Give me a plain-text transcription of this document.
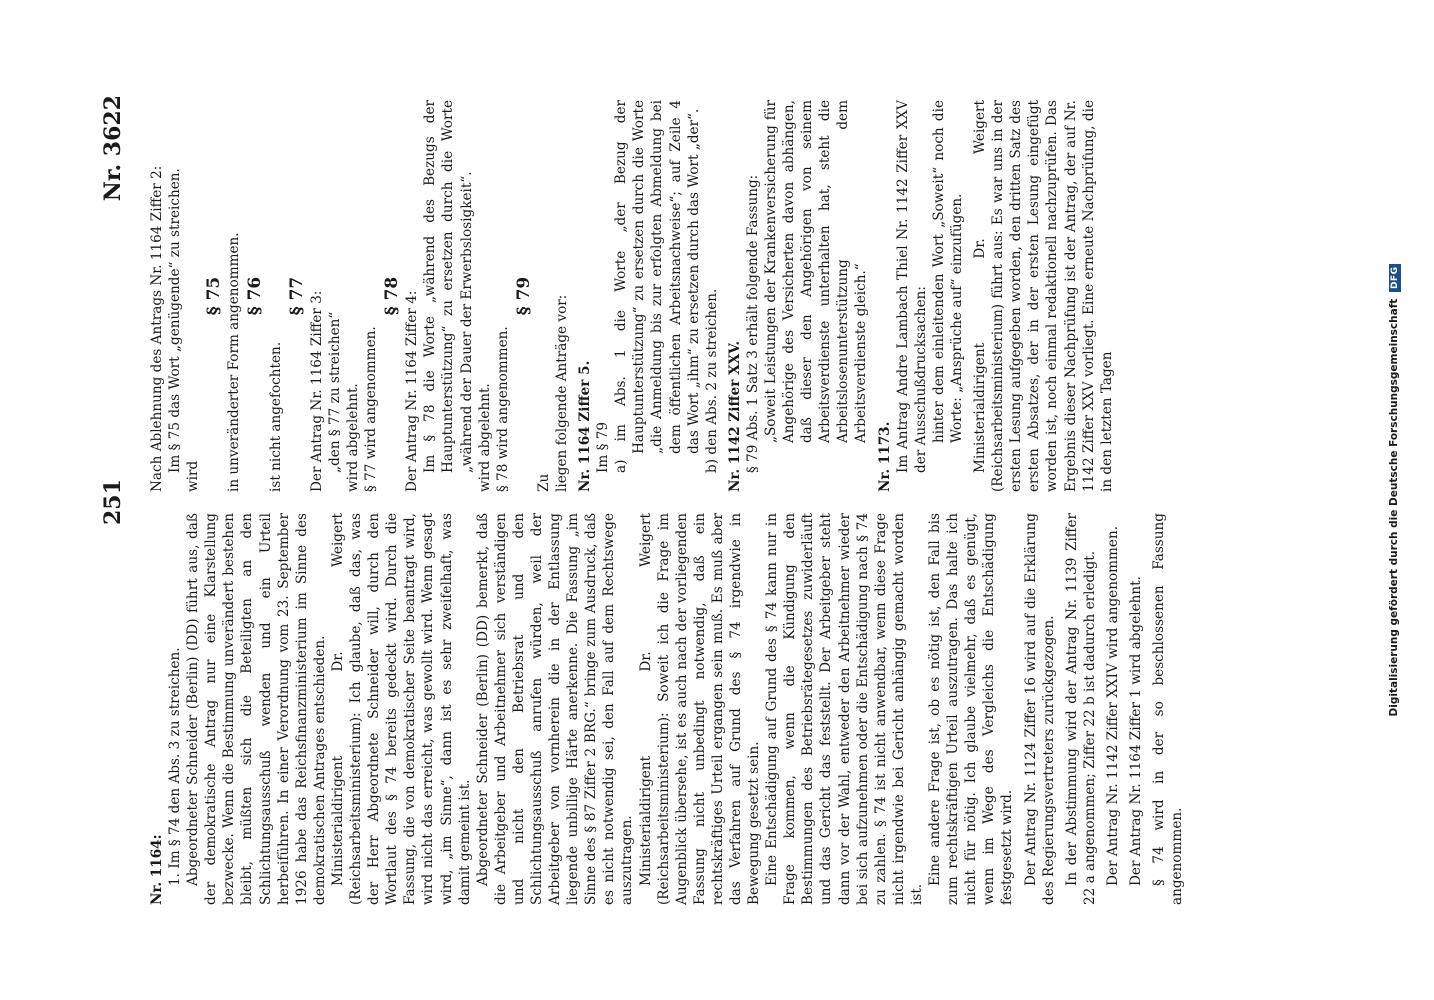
251
Nr. 3622

Nr. 1164: 1. Im § 74 den Abs. 3 zu streichen. Abgeordneter Schneider (Berlin) (DD) führt aus, daß der demokratische Antrag nur eine Klarstellung bezwecke. Wenn die Bestimmung unverändert bestehen bleibt, müßten sich die Beteiligten an den Schlichtungsausschuß wenden und ein Urteil herbeiführen. In einer Verordnung vom 23. September 1926 habe das Reichsfinanzministerium im Sinne des demokratischen Antrages entschieden. Ministerialdirigent Dr. Weigert (Reichsarbeitsministerium): Ich glaube, daß das, was der Herr Abgeordnete Schneider will, durch den Wortlaut des § 74 bereits gedeckt wird. Durch die Fassung, die von demokratischer Seite beantragt wird, wird nicht das erreicht, was gewollt wird. Wenn gesagt wird, „im Sinne“, dann ist es sehr zweifelhaft, was damit gemeint ist. Abgeordneter Schneider (Berlin) (DD) bemerkt, daß die Arbeitgeber und Arbeitnehmer sich verständigen und nicht den Betriebsrat und den Schlichtungsausschuß anrufen würden, weil der Arbeitgeber von vornherein die in der Entlassung liegende unbillige Härte anerkenne. Die Fassung „im Sinne des § 87 Ziffer 2 BRG.“ bringe zum Ausdruck, daß es nicht notwendig sei, den Fall auf dem Rechtswege auszutragen. Ministerialdirigent Dr. Weigert (Reichsarbeitsministerium): Soweit ich die Frage im Augenblick übersehe, ist es auch nach der vorliegenden Fassung nicht unbedingt notwendig, daß ein rechtskräftiges Urteil ergangen sein muß. Es muß aber das Verfahren auf Grund des § 74 irgendwie in Bewegung gesetzt sein. Eine Entschädigung auf Grund des § 74 kann nur in Frage kommen, wenn die Kündigung den Bestimmungen des Betriebsrätegesetzes zuwiderläuft und das Gericht das feststellt. Der Arbeitgeber steht dann vor der Wahl, entweder den Arbeitnehmer wieder bei sich aufzunehmen oder die Entschädigung nach § 74 zu zahlen. § 74 ist nicht anwendbar, wenn diese Frage nicht irgendwie bei Gericht anhängig gemacht worden ist.

Eine andere Frage ist, ob es nötig ist, den Fall bis zum rechtskräftigen Urteil auszutragen. Das halte ich nicht für nötig. Ich glaube vielmehr, daß es genügt, wenn im Wege des Vergleichs die Entschädigung festgesetzt wird. Der Antrag Nr. 1124 Ziffer 16 wird auf die Erklärung des Regierungsvertreters zurückgezogen. In der Abstimmung wird der Antrag Nr. 1139 Ziffer 22 a angenommen; Ziffer 22 b ist dadurch erledigt. Der Antrag Nr. 1142 Ziffer XXIV wird angenommen. Der Antrag Nr. 1164 Ziffer 1 wird abgelehnt. § 74 wird in der so beschlossenen Fassung angenommen.

Nach Ablehnung des Antrags Nr. 1164 Ziffer 2: Im § 75 das Wort „genügende“ zu streichen.

wird

§ 75 in unveränderter Form angenommen. § 76

ist nicht angefochten.

§ 77 Der Antrag Nr. 1164 Ziffer 3: „den § 77 zu streichen“ wird abgelehnt. § 77 wird angenommen.

§ 78 Der Antrag Nr. 1164 Ziffer 4: Im § 78 die Worte „während des Bezugs der Hauptunterstützung“ zu ersetzen durch die Worte „während der Dauer der Erwerbslosigkeit“. wird abgelehnt. § 78 wird angenommen.

§ 79

Zu liegen folgende Anträge vor: Nr. 1164 Ziffer 5. Im § 79 a) im Abs. 1 die Worte „der Bezug der Hauptunterstützung“ zu ersetzen durch die Worte „die Anmeldung bis zur erfolgten Abmeldung bei dem öffentlichen Arbeitsnachweise“; auf Zeile 4 das Wort „ihm“ zu ersetzen durch das Wort „der“. b) den Abs. 2 zu streichen. Nr. 1142 Ziffer XXV. § 79 Abs. 1 Satz 3 erhält folgende Fassung: „Soweit Leistungen der Krankenversicherung für Angehörige des Versicherten davon abhängen, daß dieser den Angehörigen von seinem Arbeitsverdienste unterhalten hat, steht die Arbeitslosenunterstützung dem Arbeitsverdienste gleich.“

Nr. 1173. Im Antrag Andre Lambach Thiel Nr. 1142 Ziffer XXV der Ausschußdrucksachen: hinter dem einleitenden Wort „Soweit“ noch die Worte: „Ansprüche auf“ einzufügen. Ministerialdirigent Dr. Weigert (Reichsarbeitsministerium) führt aus: Es war uns in der ersten Lesung aufgegeben worden, den dritten Satz des ersten Absatzes, der in der ersten Lesung eingefügt worden ist, noch einmal redaktionell nachzuprüfen. Das Ergebnis dieser Nachprüfung ist der Antrag, der auf Nr. 1142 Ziffer XXV vorliegt. Eine erneute Nachprüfung, die in den letzten Tagen	Digitalisierung gefördert durch die Deutsche Forschungsgemeinschaft DFG
